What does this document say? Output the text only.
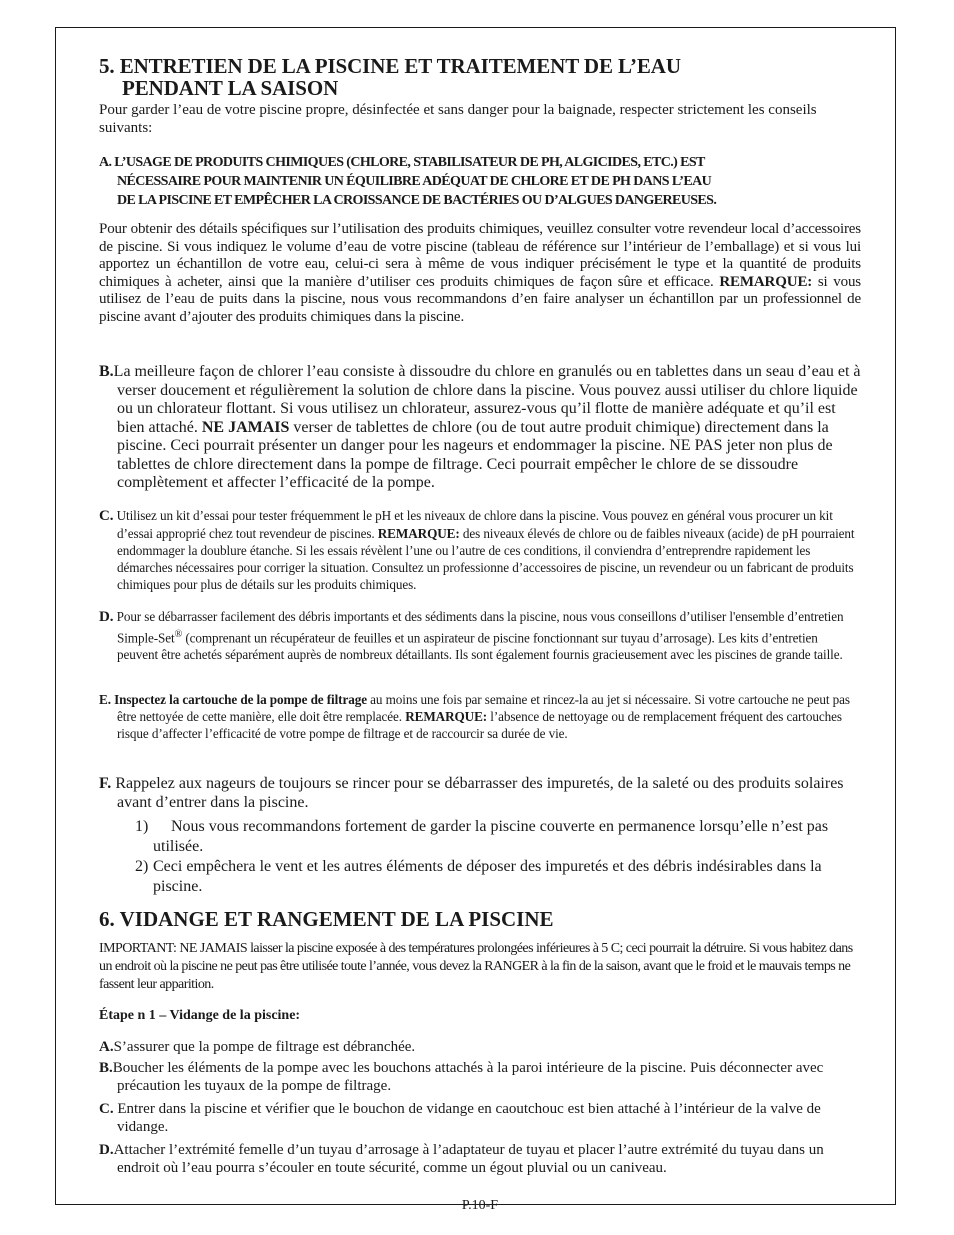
5. ENTRETIEN DE LA PISCINE ET TRAITEMENT DE L’EAU
PENDANT LA SAISON

Pour garder l’eau de votre piscine propre, désinfectée et sans danger pour la baignade, respecter strictement les conseils suivants:

A. L’USAGE DE PRODUITS CHIMIQUES (CHLORE, STABILISATEUR DE PH, ALGICIDES, ETC.) EST
NÉCESSAIRE POUR MAINTENIR UN ÉQUILIBRE ADÉQUAT DE CHLORE ET DE PH DANS L’EAU
DE LA PISCINE ET EMPÊCHER LA CROISSANCE DE BACTÉRIES OU D’ALGUES DANGEREUSES.

Pour obtenir des détails spécifiques sur l’utilisation des produits chimiques, veuillez consulter votre revendeur local d’accessoires de piscine. Si vous indiquez le volume d’eau de votre piscine (tableau de référence sur l’intérieur de l’emballage) et si vous lui apportez un échantillon de votre eau, celui-ci sera à même de vous indiquer précisément le type et la quantité de produits chimiques à acheter, ainsi que la manière d’utiliser ces produits chimiques de façon sûre et efficace. REMARQUE: si vous utilisez de l’eau de puits dans la piscine, nous vous recommandons d’en faire analyser un échantillon par un professionnel de piscine avant d’ajouter des produits chimiques dans la piscine.

B.La meilleure façon de chlorer l’eau consiste à dissoudre du chlore en granulés ou en tablettes dans un seau d’eau et à verser doucement et régulièrement la solution de chlore dans la piscine. Vous pouvez aussi utiliser du chlore liquide ou un chlorateur flottant. Si vous utilisez un chlorateur, assurez-vous qu’il flotte de manière adéquate et qu’il est bien attaché. NE JAMAIS verser de tablettes de chlore (ou de tout autre produit chimique) directement dans la piscine. Ceci pourrait présenter un danger pour les nageurs et endommager la piscine. NE PAS jeter non plus de tablettes de chlore directement dans la pompe de filtrage. Ceci pourrait empêcher le chlore de se dissoudre complètement et affecter l’efficacité de la pompe.

C. Utilisez un kit d’essai pour tester fréquemment le pH et les niveaux de chlore dans la piscine. Vous pouvez en général vous procurer un kit d’essai approprié chez tout revendeur de piscines. REMARQUE: des niveaux élevés de chlore ou de faibles niveaux (acide) de pH pourraient endommager la doublure étanche. Si les essais révèlent l’une ou l’autre de ces conditions, il conviendra d’entreprendre rapidement les démarches nécessaires pour corriger la situation. Consultez un professionne d’accessoires de piscine, un revendeur ou un fabricant de produits chimiques pour plus de détails sur les produits chimiques.

D. Pour se débarrasser facilement des débris importants et des sédiments dans la piscine, nous vous conseillons d’utiliser l'ensemble d’entretien Simple-Set® (comprenant un récupérateur de feuilles et un aspirateur de piscine fonctionnant sur tuyau d’arrosage). Les kits d’entretien peuvent être achetés séparément auprès de nombreux détaillants. Ils sont également fournis gracieusement avec les piscines de grande taille.

E. Inspectez la cartouche de la pompe de filtrage au moins une fois par semaine et rincez-la au jet si nécessaire. Si votre cartouche ne peut pas être nettoyée de cette manière, elle doit être remplacée. REMARQUE: l’absence de nettoyage ou de remplacement fréquent des cartouches risque d’affecter l’efficacité de votre pompe de filtrage et de raccourcir sa durée de vie.

F. Rappelez aux nageurs de toujours se rincer pour se débarrasser des impuretés, de la saleté ou des produits solaires avant d’entrer dans la piscine.

1) Nous vous recommandons fortement de garder la piscine couverte en permanence lorsqu’elle n’est pas utilisée.

2) Ceci empêchera le vent et les autres éléments de déposer des impuretés et des débris indésirables dans la piscine.

6. VIDANGE ET RANGEMENT DE LA PISCINE

IMPORTANT: NE JAMAIS laisser la piscine exposée à des températures prolongées inférieures à 5 C; ceci pourrait la détruire. Si vous habitez dans un endroit où la piscine ne peut pas être utilisée toute l’année, vous devez la RANGER à la fin de la saison, avant que le froid et le mauvais temps ne fassent leur apparition.

Étape n 1 – Vidange de la piscine:

A.S’assurer que la pompe de filtrage est débranchée.

B.Boucher les éléments de la pompe avec les bouchons attachés à la paroi intérieure de la piscine. Puis déconnecter avec précaution les tuyaux de la pompe de filtrage.

C. Entrer dans la piscine et vérifier que le bouchon de vidange en caoutchouc est bien attaché à l’intérieur de la valve de vidange.

D.Attacher l’extrémité femelle d’un tuyau d’arrosage à l’adaptateur de tuyau et placer l’autre extrémité du tuyau dans un endroit où l’eau pourra s’écouler en toute sécurité, comme un égout pluvial ou un caniveau.

P.10-F
